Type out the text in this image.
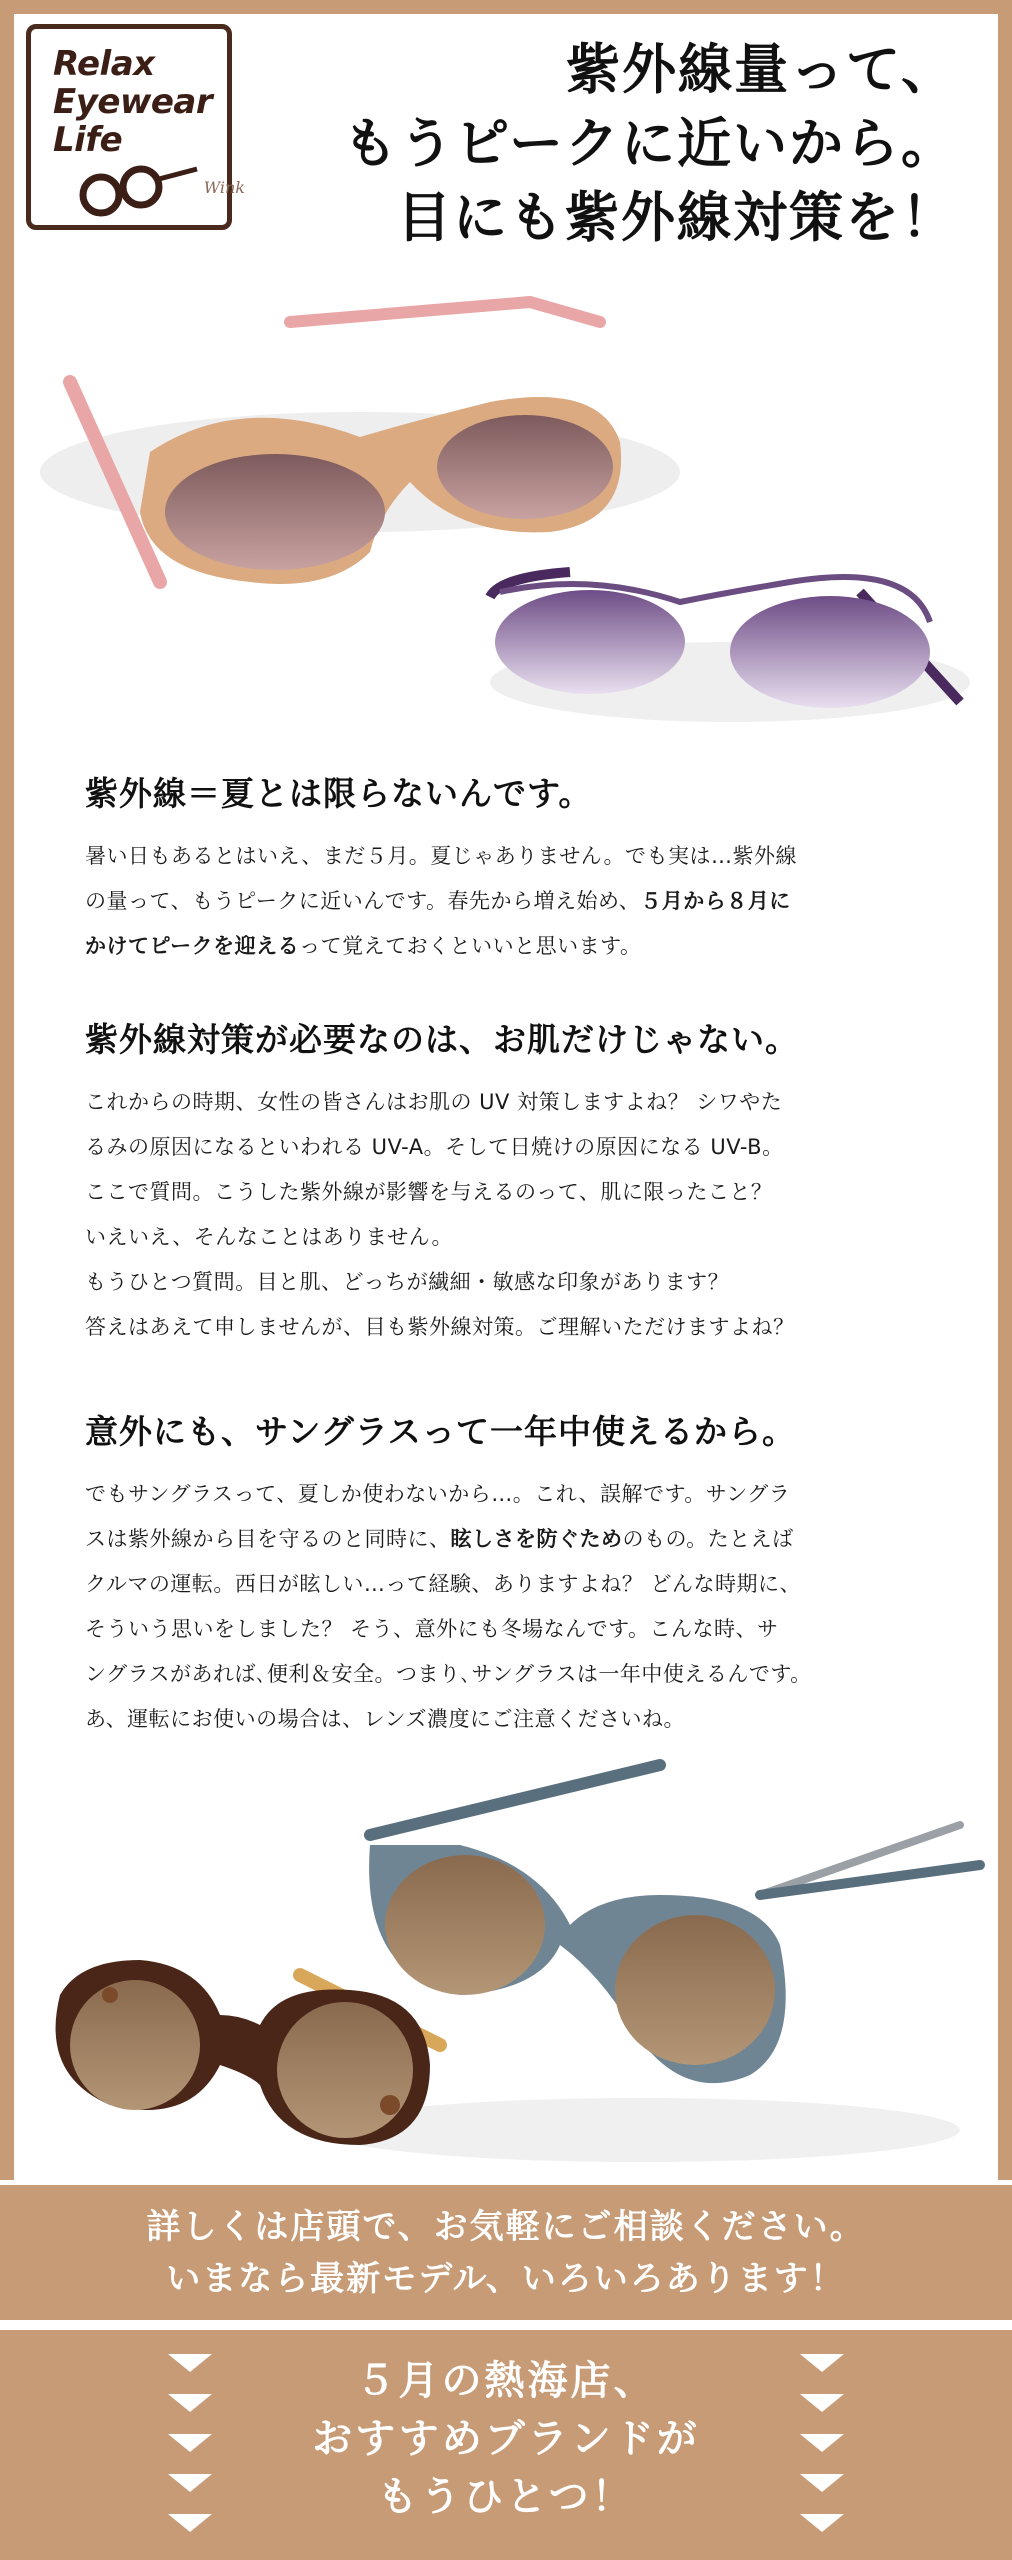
Relax
Eyewear
Life
Wink
紫外線量って、
もうピークに近いから。
目にも紫外線対策を！
紫外線＝夏とは限らないんです。

暑い日もあるとはいえ、まだ５月。夏じゃありません。でも実は…紫外線
の量って、もうピークに近いんです。春先から増え始め、５月から８月に
かけてピークを迎えるって覚えておくといいと思います。

紫外線対策が必要なのは、お肌だけじゃない。

これからの時期、女性の皆さんはお肌の UV 対策しますよね？ シワやた
るみの原因になるといわれる UV-A。そして日焼けの原因になる UV-B。
ここで質問。こうした紫外線が影響を与えるのって、肌に限ったこと？
いえいえ、そんなことはありません。
もうひとつ質問。目と肌、どっちが繊細・敏感な印象があります？
答えはあえて申しませんが、目も紫外線対策。ご理解いただけますよね？

意外にも、サングラスって一年中使えるから。

でもサングラスって、夏しか使わないから…。これ、誤解です。サングラ
スは紫外線から目を守るのと同時に、眩しさを防ぐためのもの。たとえば
クルマの運転。西日が眩しい…って経験、ありますよね？ どんな時期に、
そういう思いをしました？ そう、意外にも冬場なんです。こんな時、サ
ングラスがあれば､便利＆安全。つまり､サングラスは一年中使えるんです。
あ、運転にお使いの場合は、レンズ濃度にご注意くださいね。

詳しくは店頭で、お気軽にご相談ください。
いまなら最新モデル、いろいろあります！
５月の熱海店、
おすすめブランドが
もうひとつ！
